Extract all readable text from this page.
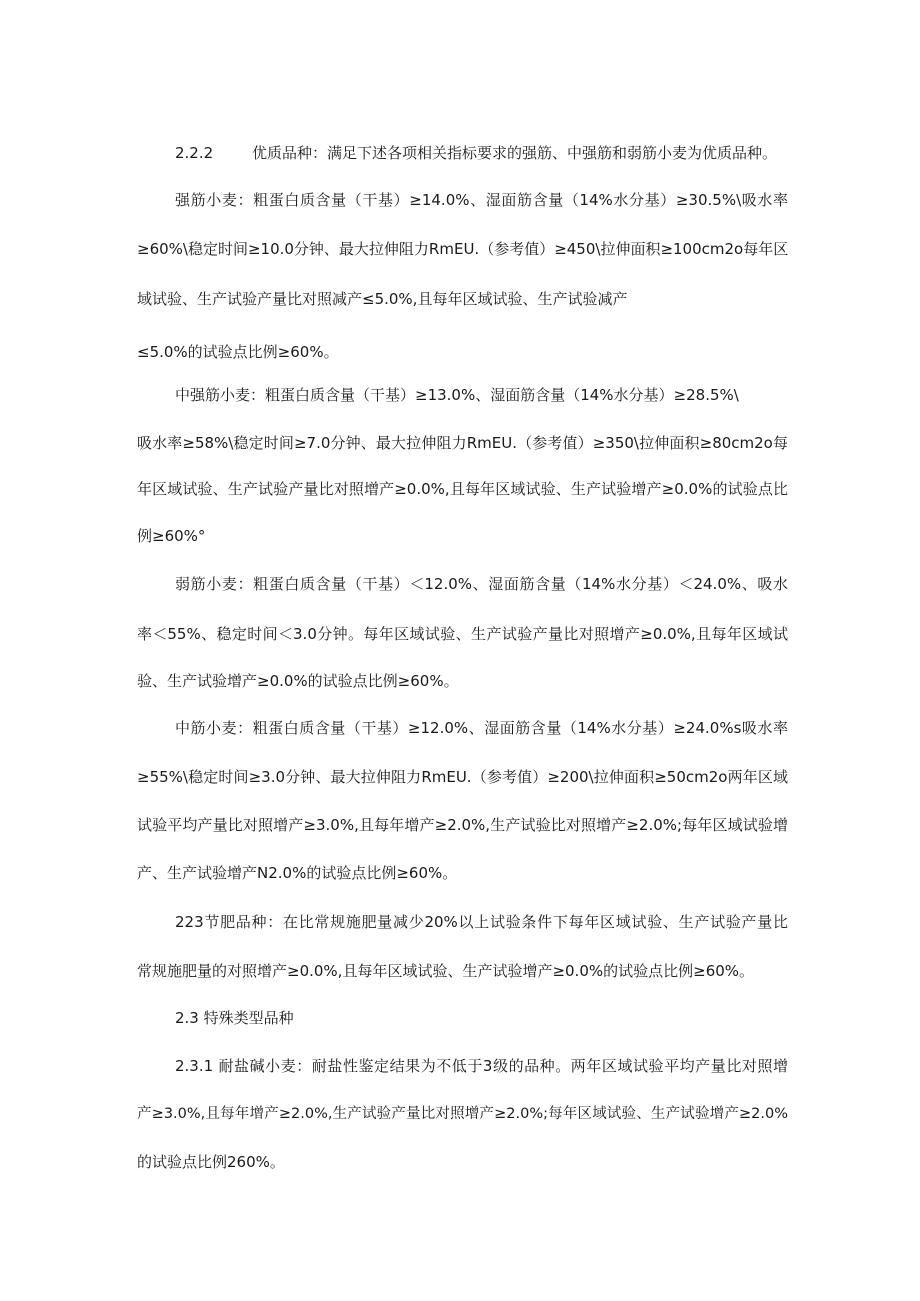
2.2.2	优质品种：满足下述各项相关指标要求的强筋、中强筋和弱筋小麦为优质品种。
强筋小麦：粗蛋白质含量（干基）≥14.0%、湿面筋含量（14%水分基）≥30.5%\吸水率
≥60%\稳定时间≥10.0分钟、最大拉伸阻力RmEU.（参考值）≥450\拉伸面积≥100cm2o每年区
域试验、生产试验产量比对照减产≤5.0%,且每年区域试验、生产试验减产
≤5.0%的试验点比例≥60%。
中强筋小麦：粗蛋白质含量（干基）≥13.0%、湿面筋含量（14%水分基）≥28.5%\
吸水率≥58%\稳定时间≥7.0分钟、最大拉伸阻力RmEU.（参考值）≥350\拉伸面积≥80cm2o每
年区域试验、生产试验产量比对照增产≥0.0%,且每年区域试验、生产试验增产≥0.0%的试验点比
例≥60%°
弱筋小麦：粗蛋白质含量（干基）＜12.0%、湿面筋含量（14%水分基）＜24.0%、吸水
率＜55%、稳定时间＜3.0分钟。每年区域试验、生产试验产量比对照增产≥0.0%,且每年区域试
验、生产试验增产≥0.0%的试验点比例≥60%。
中筋小麦：粗蛋白质含量（干基）≥12.0%、湿面筋含量（14%水分基）≥24.0%s吸水率
≥55%\稳定时间≥3.0分钟、最大拉伸阻力RmEU.（参考值）≥200\拉伸面积≥50cm2o两年区域
试验平均产量比对照增产≥3.0%,且每年增产≥2.0%,生产试验比对照增产≥2.0%;每年区域试验增
产、生产试验增产N2.0%的试验点比例≥60%。
223节肥品种：在比常规施肥量减少20%以上试验条件下每年区域试验、生产试验产量比
常规施肥量的对照增产≥0.0%,且每年区域试验、生产试验增产≥0.0%的试验点比例≥60%。
2.3 特殊类型品种
2.3.1 耐盐碱小麦：耐盐性鉴定结果为不低于3级的品种。两年区域试验平均产量比对照增
产≥3.0%,且每年增产≥2.0%,生产试验产量比对照增产≥2.0%;每年区域试验、生产试验增产≥2.0%
的试验点比例260%。
